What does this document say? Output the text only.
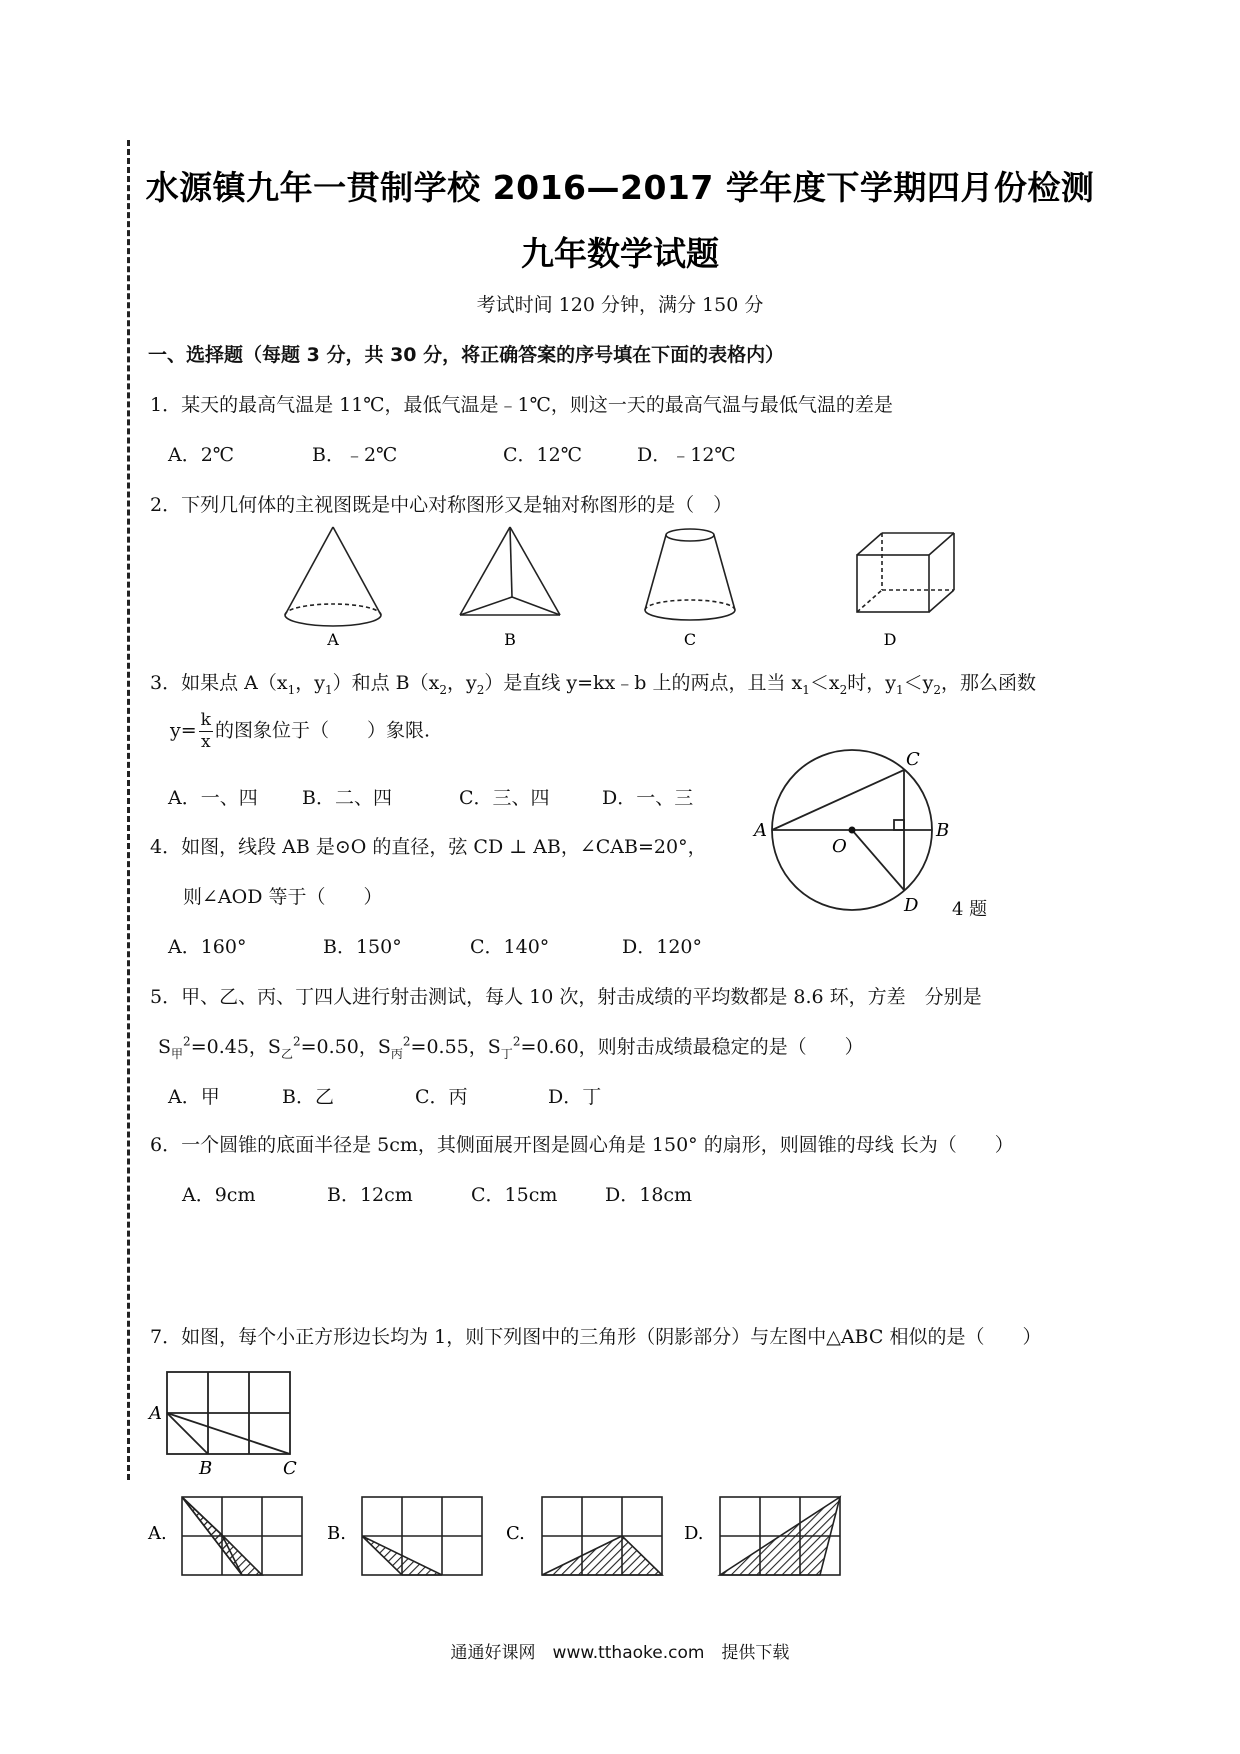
水源镇九年一贯制学校 2016—2017 学年度下学期四月份检测
九年数学试题
考试时间 120 分钟，满分 150 分
一、选择题（每题 3 分，共 30 分，将正确答案的序号填在下面的表格内）
1．某天的最高气温是 11℃，最低气温是﹣1℃，则这一天的最高气温与最低气温的差是
A．2℃	B．﹣2℃	C．12℃	D．﹣12℃
2．下列几何体的主视图既是中心对称图形又是轴对称图形的是（　）
A	B	C	D
3．如果点 $A(x_1$，$y_1$）和点 $B(x_2$，$y_2$）是直线 y=kx﹣b 上的两点，且当 $x_1<x_2$时，$y_1<y_2$，那么函数
$y= \frac{k}{x}$ 的图象位于（　　）象限.
A．一、四 B．二、四	C．三、四	D．一、三
A	B
C
D
O
4 题
4．如图，线段 AB 是⊙O 的直径，弦 CD ⊥ AB，∠CAB=20°，
则∠AOD 等于（　　）
A．160°	B．150°	C．140°	D．120°
5．甲、乙、丙、丁四人进行射击测试，每人 10 次，射击成绩的平均数都是 8.6 环，方差　分别是
$S_甲^2=0.45$，$S_乙^2=0.50$，$S_丙^2=0.55$，$S_丁^2=0.60$，则射击成绩最稳定的是（　　）
A．甲	B．乙	C．丙	D．丁
6．一个圆锥的底面半径是 5cm，其侧面展开图是圆心角是 150° 的扇形，则圆锥的母线 长为（　　）
A．9cm	B．12cm	C．15cm	D．18cm
7．如图，每个小正方形边长均为 1，则下列图中的三角形（阴影部分）与左图中△ABC 相似的是（　　）
A
B	C
A.	B.	C.	D.
通通好课网　www.tthaoke.com　提供下载
